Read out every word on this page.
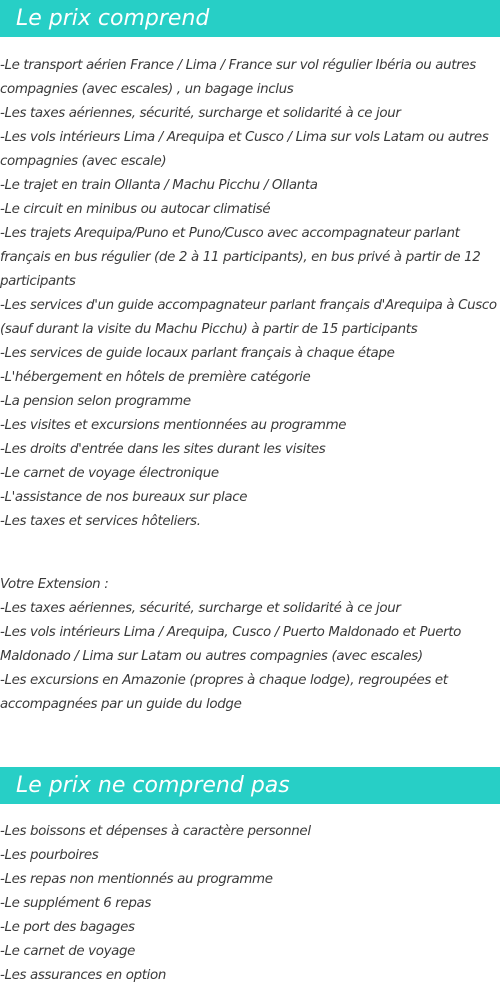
Le prix comprend

-Le transport aérien France / Lima / France sur vol régulier Ibéria ou autres

compagnies (avec escales) , un bagage inclus

-Les taxes aériennes, sécurité, surcharge et solidarité à ce jour

-Les vols intérieurs Lima / Arequipa et Cusco / Lima sur vols Latam ou autres

compagnies (avec escale)

-Le trajet en train Ollanta / Machu Picchu / Ollanta

-Le circuit en minibus ou autocar climatisé

-Les trajets Arequipa/Puno et Puno/Cusco avec accompagnateur parlant

français en bus régulier (de 2 à 11 participants), en bus privé à partir de 12

participants

-Les services d'un guide accompagnateur parlant français d'Arequipa à Cusco

(sauf durant la visite du Machu Picchu) à partir de 15 participants

-Les services de guide locaux parlant français à chaque étape

-L'hébergement en hôtels de première catégorie

-La pension selon programme

-Les visites et excursions mentionnées au programme

-Les droits d'entrée dans les sites durant les visites

-Le carnet de voyage électronique

-L'assistance de nos bureaux sur place

-Les taxes et services hôteliers.

Votre Extension :

-Les taxes aériennes, sécurité, surcharge et solidarité à ce jour

-Les vols intérieurs Lima / Arequipa, Cusco / Puerto Maldonado et Puerto

Maldonado / Lima sur Latam ou autres compagnies (avec escales)

-Les excursions en Amazonie (propres à chaque lodge), regroupées et

accompagnées par un guide du lodge

Le prix ne comprend pas

-Les boissons et dépenses à caractère personnel

-Les pourboires

-Les repas non mentionnés au programme

-Le supplément 6 repas

-Le port des bagages

-Le carnet de voyage

-Les assurances en option
